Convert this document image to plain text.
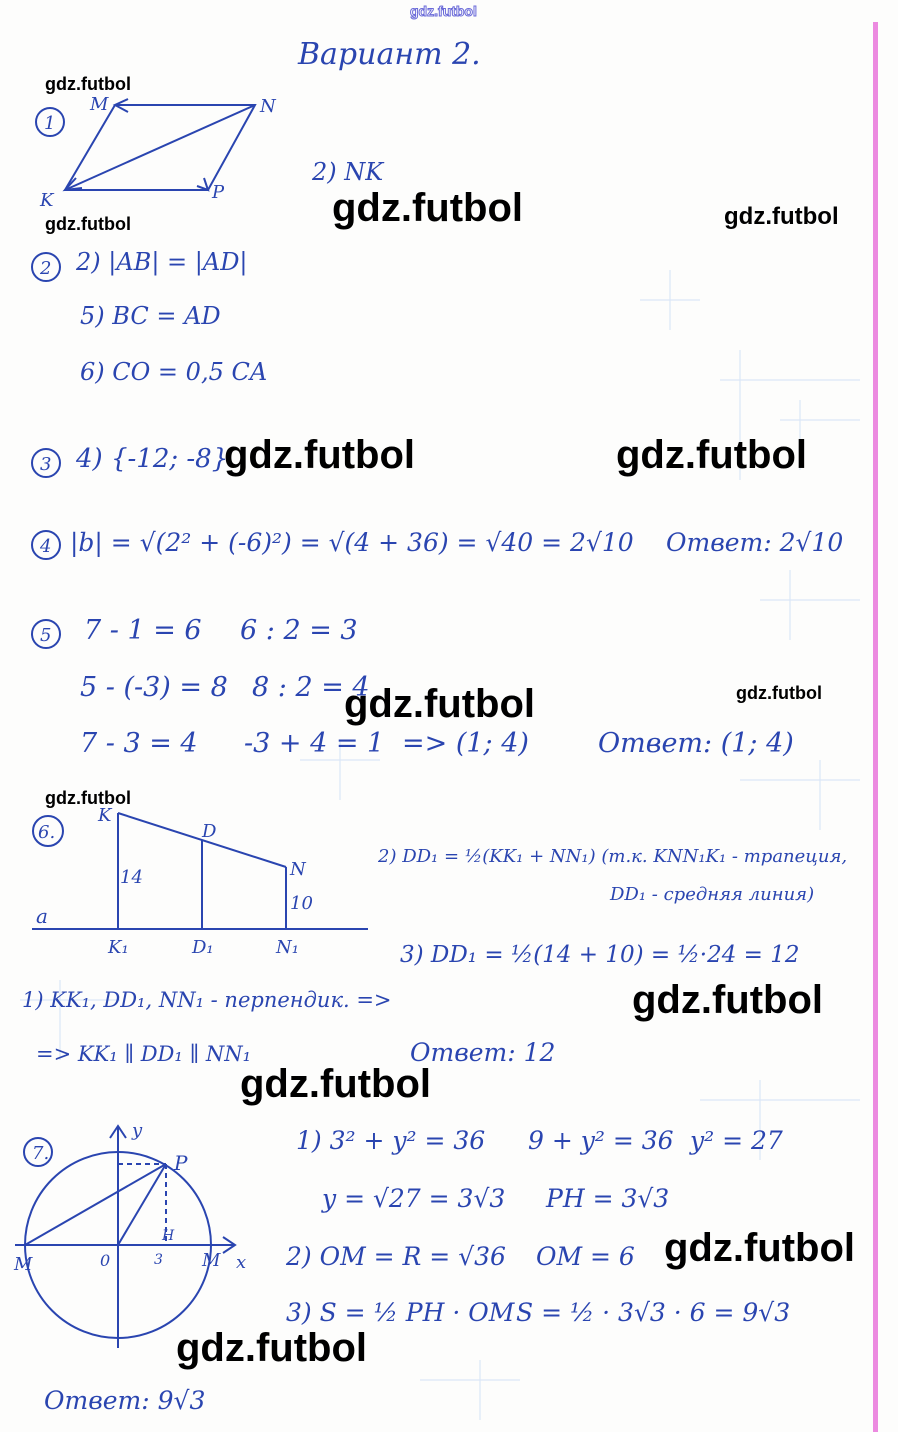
gdz.futbol
Вариант 2.
1
M	N
K	P
2) NK
gdz.futbol
gdz.futbol
gdz.futbol	gdz.futbol
2 2) |AB| = |AD|
5) BC = AD
6) CO = 0,5 CA
3 4) {-12; -8}
gdz.futbol	gdz.futbol
4 |b| = √(2² + (-6)²) = √(4 + 36) = √40 = 2√10 Ответ: 2√10
5 7 - 1 = 6 6 : 2 = 3
5 - (-3) = 8 8 : 2 = 4
7 - 3 = 4 -3 + 4 = 1 => (1; 4)	Ответ: (1; 4)
gdz.futbol	gdz.futbol
gdz.futbol
6.
K
D
N
14
10
a
K₁	D₁	N₁
2) DD₁ = ½(KK₁ + NN₁) (т.к. KNN₁K₁ - трапеция,
DD₁ - средняя линия)
3) DD₁ = ½(14 + 10) = ½·24 = 12
gdz.futbol
1) KK₁, DD₁, NN₁ - перпендик. =>
=> KK₁ ∥ DD₁ ∥ NN₁	Ответ: 12
gdz.futbol
7.
y
x
P
H
0	3
M	M
1) 3² + y² = 36 9 + y² = 36 y² = 27
y = √27 = 3√3 PH = 3√3
2) OM = R = √36 OM = 6 gdz.futbol
3) S = ½ PH · OM S = ½ · 3√3 · 6 = 9√3
gdz.futbol
Ответ: 9√3
